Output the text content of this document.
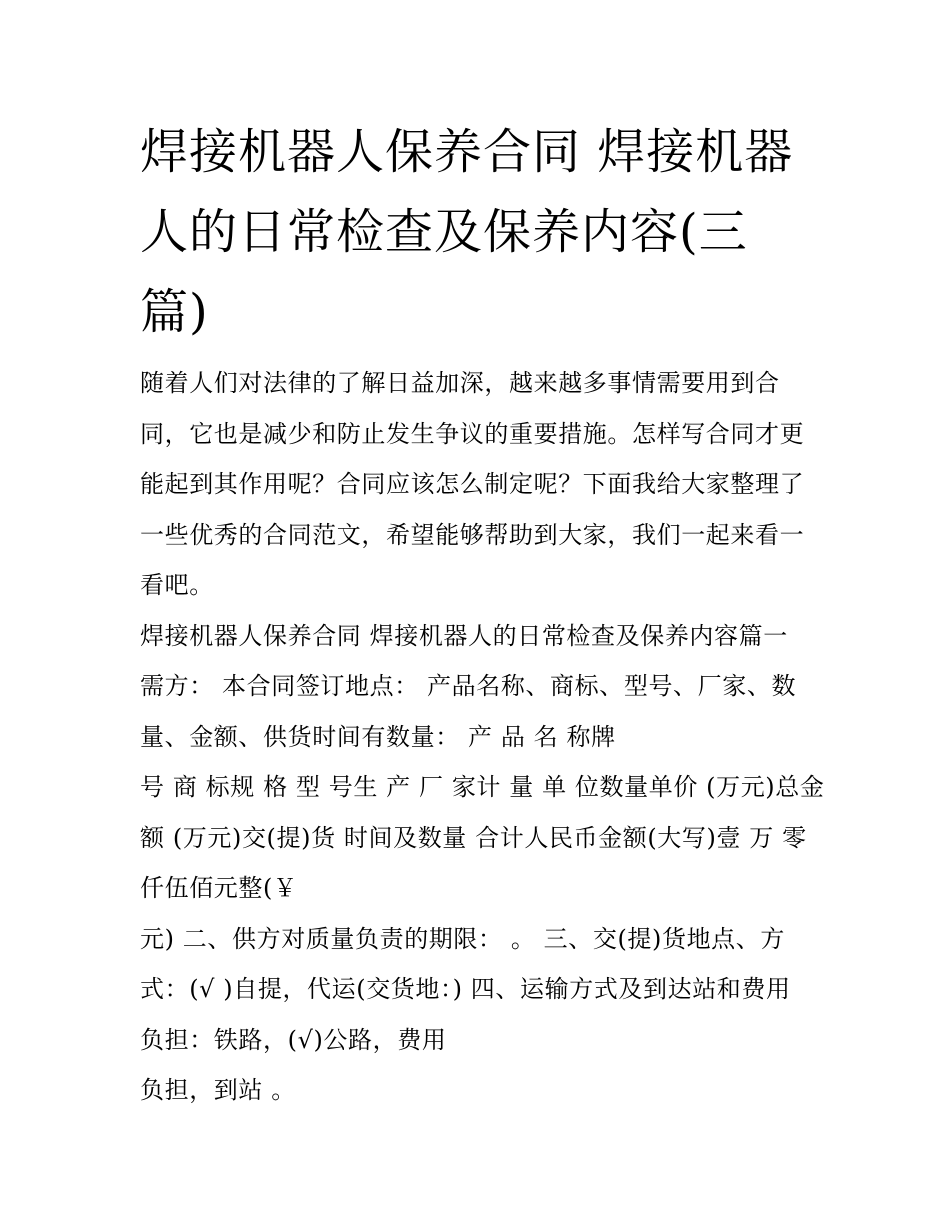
焊接机器人保养合同 焊接机器
人的日常检查及保养内容(三
篇)

随着人们对法律的了解日益加深，越来越多事情需要用到合
同，它也是减少和防止发生争议的重要措施。怎样写合同才更
能起到其作用呢？合同应该怎么制定呢？下面我给大家整理了
一些优秀的合同范文，希望能够帮助到大家，我们一起来看一
看吧。

焊接机器人保养合同 焊接机器人的日常检查及保养内容篇一

需方： 本合同签订地点： 产品名称、商标、型号、厂家、数
量、金额、供货时间有数量： 产 品 名 称牌
号 商 标规 格 型 号生 产 厂 家计 量 单 位数量单价 (万元)总金
额 (万元)交(提)货 时间及数量 合计人民币金额(大写)壹 万 零
仟伍佰元整(￥
元) 二、供方对质量负责的期限： 。 三、交(提)货地点、方
式：(√ )自提，代运(交货地：) 四、运输方式及到达站和费用
负担：铁路，(√)公路，费用
负担，到站 。
